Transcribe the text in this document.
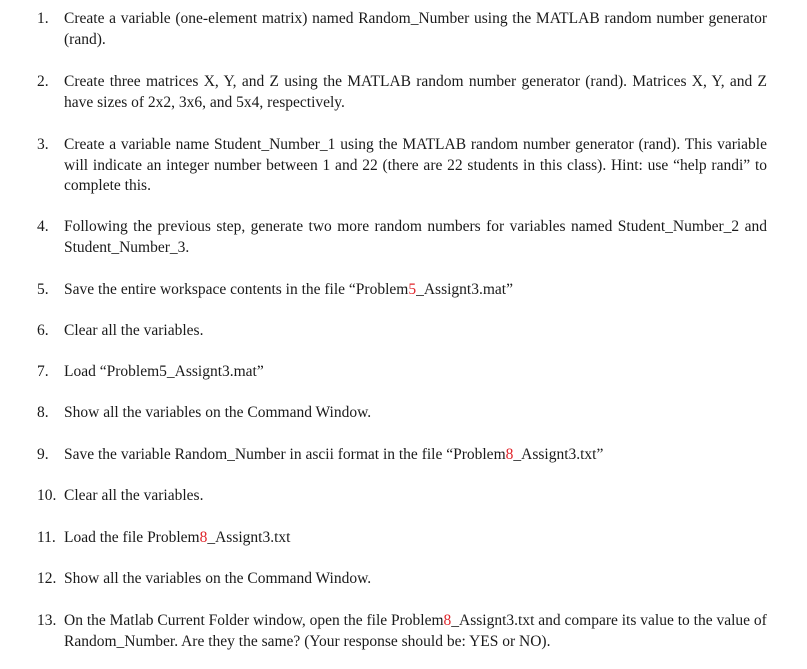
1. Create a variable (one-element matrix) named Random_Number using the MATLAB random number generator (rand).
2. Create three matrices X, Y, and Z using the MATLAB random number generator (rand). Matrices X, Y, and Z have sizes of 2x2, 3x6, and 5x4, respectively.
3. Create a variable name Student_Number_1 using the MATLAB random number generator (rand). This variable will indicate an integer number between 1 and 22 (there are 22 students in this class). Hint: use “help randi” to complete this.
4. Following the previous step, generate two more random numbers for variables named Student_Number_2 and Student_Number_3.
5. Save the entire workspace contents in the file “Problem5_Assignt3.mat”
6. Clear all the variables.
7. Load “Problem5_Assignt3.mat”
8. Show all the variables on the Command Window.
9. Save the variable Random_Number in ascii format in the file “Problem8_Assignt3.txt”
10. Clear all the variables.
11. Load the file Problem8_Assignt3.txt
12. Show all the variables on the Command Window.
13. On the Matlab Current Folder window, open the file Problem8_Assignt3.txt and compare its value to the value of Random_Number. Are they the same? (Your response should be: YES or NO).
